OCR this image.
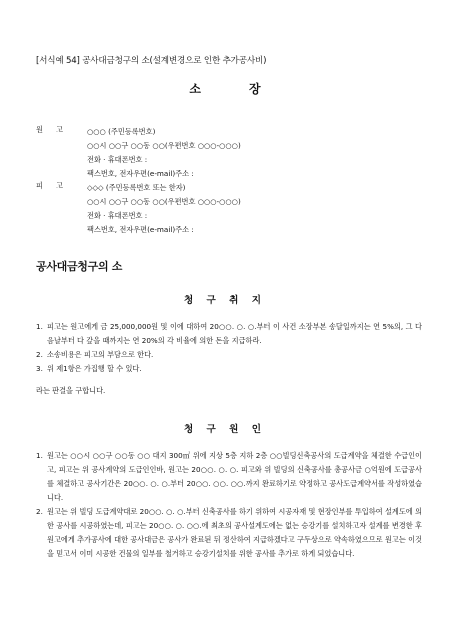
[서식예 54] 공사대금청구의 소(설계변경으로 인한 추가공사비)
소	장
원 고	○○○ (주민등록번호)
○○시 ○○구 ○○동 ○○(우편번호 ○○○-○○○)
전화 · 휴대폰번호 :
팩스번호, 전자우편(e-mail)주소 :
피 고	◇◇◇ (주민등록번호 또는 한자)
○○시 ○○구 ○○동 ○○(우편번호 ○○○-○○○)
전화 · 휴대폰번호 :
팩스번호, 전자우편(e-mail)주소 :
공사대금청구의 소
청 구 취 지
1. 피고는 원고에게 금 25,000,000원 및 이에 대하여 20○○. ○. ○.부터 이 사건 소장부본 송달일까지는 연 5%의, 그 다음날부터 다 갚을 때까지는 연 20%의 각 비율에 의한 돈을 지급하라.
2. 소송비용은 피고의 부담으로 한다.
3. 위 제1항은 가집행 할 수 있다.
라는 판결을 구합니다.
청 구 원 인
1. 원고는 ○○시 ○○구 ○○동 ○○ 대지 300㎡ 위에 지상 5층 지하 2층 ○○빌딩신축공사의 도급계약을 체결한 수급인이고, 피고는 위 공사계약의 도급인인바, 원고는 20○○. ○. ○. 피고와 위 빌딩의 신축공사를 총공사금 ○억원에 도급공사를 체결하고 공사기간은 20○○. ○. ○.부터 20○○. ○○. ○○.까지 완료하기로 약정하고 공사도급계약서를 작성하였습니다.
2. 원고는 위 빌딩 도급계약대로 20○○. ○. ○.부터 신축공사를 하기 위하여 시공자재 및 현장인부를 투입하여 설계도에 의한 공사를 시공하였는데, 피고는 20○○. ○. ○○.에 최초의 공사설계도에는 없는 승강기를 설치하고자 설계를 변경한 후 원고에게 추가공사에 대한 공사대금은 공사가 완료된 뒤 정산하여 지급하겠다고 구두상으로 약속하였으므로 원고는 이것을 믿고서 이미 시공한 건물의 일부를 철거하고 승강기설치를 위한 공사를 추가로 하게 되었습니다.
